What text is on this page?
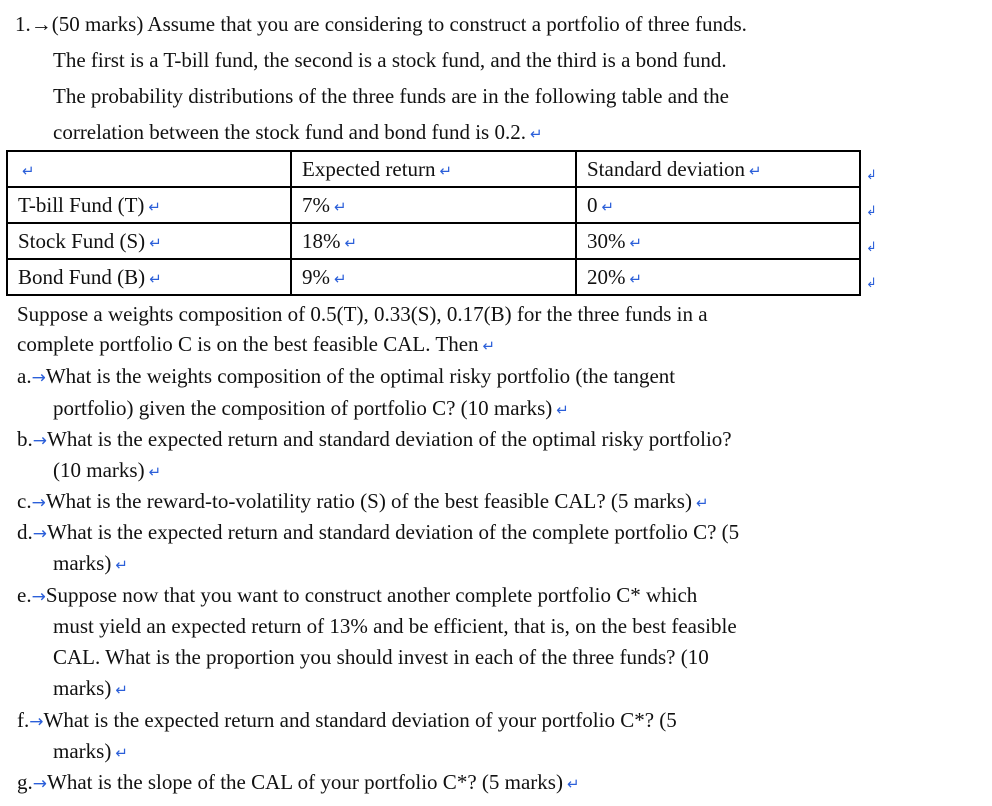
1.→(50 marks) Assume that you are considering to construct a portfolio of three funds.
The first is a T-bill fund, the second is a stock fund, and the third is a bond fund.
The probability distributions of the three funds are in the following table and the
correlation between the stock fund and bond fund is 0.2. ↵
↵	Expected return ↵	Standard deviation ↵
T-bill Fund (T) ↵	7% ↵	0 ↵
Stock Fund (S) ↵	18% ↵	30% ↵
Bond Fund (B) ↵	9% ↵	20% ↵
↲
↲
↲
↲
Suppose a weights composition of 0.5(T), 0.33(S), 0.17(B) for the three funds in a
complete portfolio C is on the best feasible CAL. Then ↵
a.→What is the weights composition of the optimal risky portfolio (the tangent
portfolio) given the composition of portfolio C? (10 marks) ↵
b.→What is the expected return and standard deviation of the optimal risky portfolio?
(10 marks) ↵
c.→What is the reward-to-volatility ratio (S) of the best feasible CAL? (5 marks) ↵
d.→What is the expected return and standard deviation of the complete portfolio C? (5
marks) ↵
e.→Suppose now that you want to construct another complete portfolio C* which
must yield an expected return of 13% and be efficient, that is, on the best feasible
CAL. What is the proportion you should invest in each of the three funds? (10
marks) ↵
f.→What is the expected return and standard deviation of your portfolio C*? (5
marks) ↵
g.→What is the slope of the CAL of your portfolio C*? (5 marks) ↵
